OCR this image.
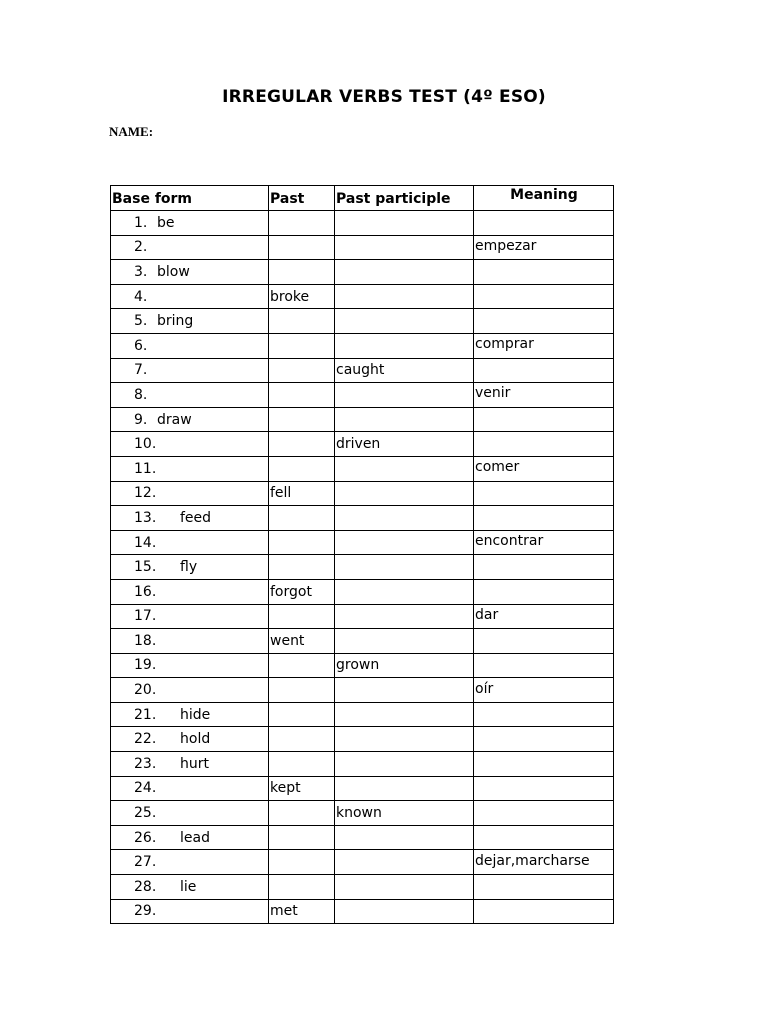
IRREGULAR VERBS TEST (4º ESO)
NAME:
Base form	Past	Past participle	Meaning
1. be			
2.			empezar
3. blow			
4.	broke		
5. bring			
6.			comprar
7.		caught	
8.			venir
9. draw			
10.		driven	
11.			comer
12.	fell		
13. feed			
14.			encontrar
15. fly			
16.	forgot		
17.			dar
18.	went		
19.		grown	
20.			oír
21. hide			
22. hold			
23. hurt			
24.	kept		
25.		known	
26. lead			
27.			dejar,marcharse
28. lie			
29.	met		
